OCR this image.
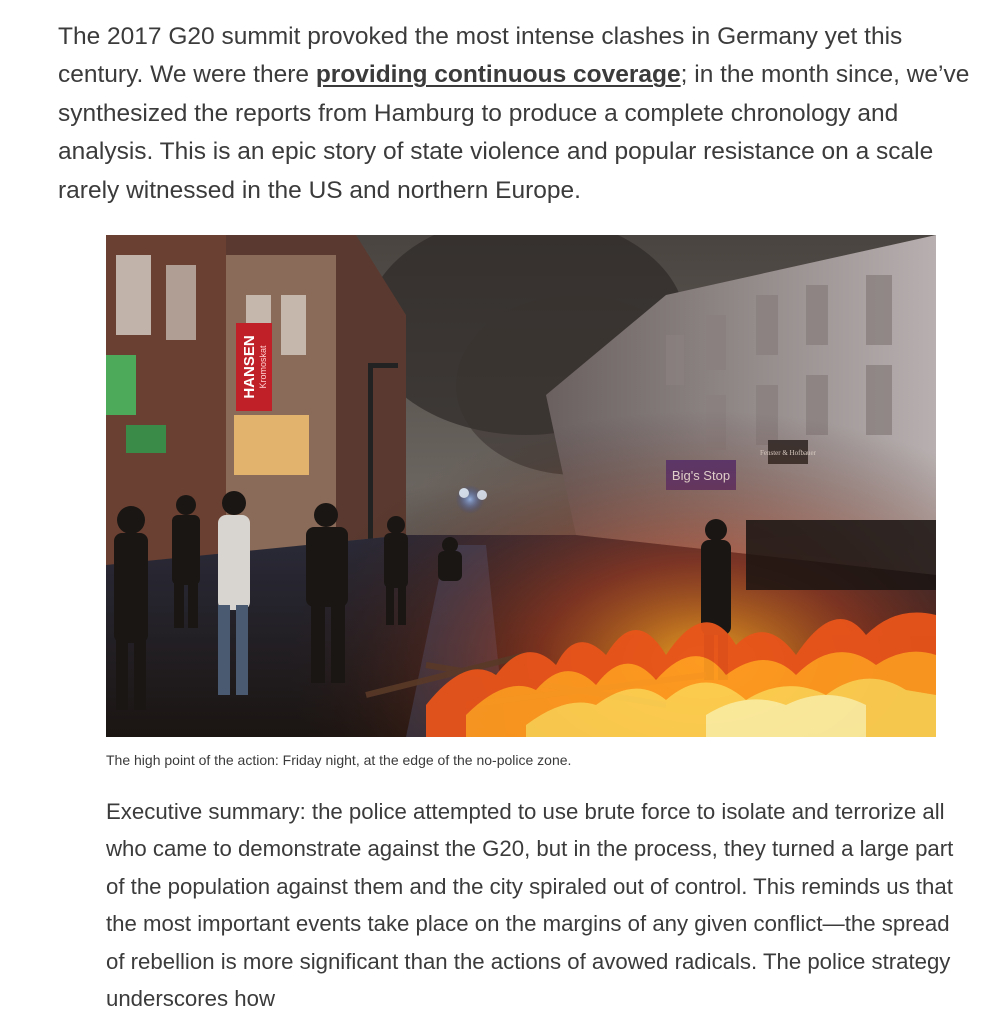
The 2017 G20 summit provoked the most intense clashes in Germany yet this century. We were there providing continuous coverage; in the month since, we’ve synthesized the reports from Hamburg to produce a complete chronology and analysis. This is an epic story of state violence and popular resistance on a scale rarely witnessed in the US and northern Europe.

The high point of the action: Friday night, at the edge of the no-police zone.

Executive summary: the police attempted to use brute force to isolate and terrorize all who came to demonstrate against the G20, but in the process, they turned a large part of the population against them and the city spiraled out of control. This reminds us that the most important events take place on the margins of any given conflict—the spread of rebellion is more significant than the actions of avowed radicals. The police strategy underscores how
